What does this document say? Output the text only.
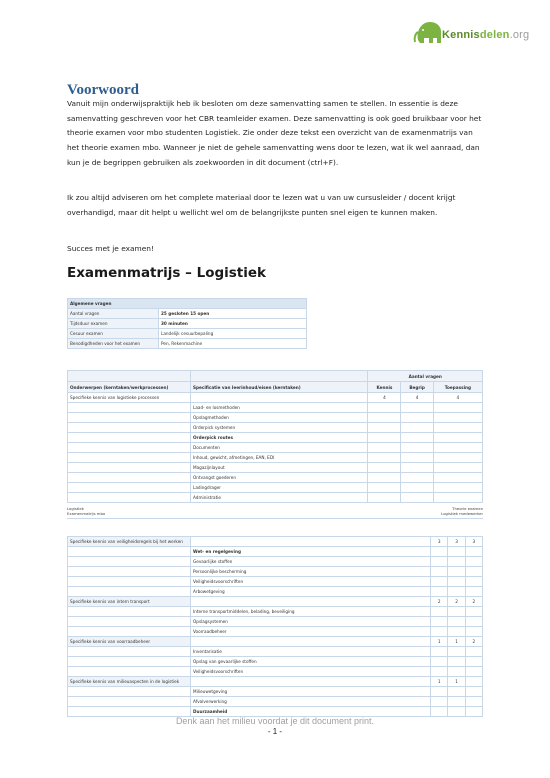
Kennisdelen.org
Voorwoord
Vanuit mijn onderwijspraktijk heb ik besloten om deze samenvatting samen te stellen. In essentie is deze samenvatting geschreven voor het CBR teamleider examen. Deze samenvatting is ook goed bruikbaar voor het theorie examen voor mbo studenten Logistiek. Zie onder deze tekst een overzicht van de examenmatrijs van het theorie examen mbo. Wanneer je niet de gehele samenvatting wens door te lezen, wat ik wel aanraad, dan kun je de begrippen gebruiken als zoekwoorden in dit document (ctrl+F).
Ik zou altijd adviseren om het complete materiaal door te lezen wat u van uw cursusleider / docent krijgt overhandigd, maar dit helpt u wellicht wel om de belangrijkste punten snel eigen te kunnen maken.
Succes met je examen!
Examenmatrijs – Logistiek
Algemene vragen	
Aantal vragen	25 gesloten 15 open
Tijdsduur examen	30 minuten
Cesuur examen	Landelijk cesuurbepaling
Benodigdheden voor het examen	Pen, Rekenmachine
		Aantal vragen		
Onderwerpen (kerntaken/werkprocessen)	Specificatie van leerinhoud/eisen (kerntaken)	Kennis	Begrip	Toepassing
Specifieke kennis van logistieke processen		4	4	4
	Laad- en losmethoden			
	Opslagmethoden			
	Orderpick systemen			
	Orderpick routes			
	Documenten			
	Inhoud, gewicht, afmetingen, EAN, EDI			
	Magazijnlayout			
	Ontvangst goederen			
	Ladingdrager			
	Administratie			
Logistiek
Examenmatrijs mbo
Theorie examen
Logistiek medewerker
Specifieke kennis van veiligheidsregels bij het werken		3	3	3
	Wet- en regelgeving			
	Gevaarlijke stoffen			
	Persoonlijke bescherming			
	Veiligheidsvoorschriften			
	Arbowetgeving			
Specifieke kennis van intern transport		2	2	2
	Interne transportmiddelen, belading, beveiliging			
	Opslagsystemen			
	Voorraadbeheer			
Specifieke kennis van voorraadbeheer		1	1	2
	Inventarisatie			
	Opslag van gevaarlijke stoffen			
	Veiligheidsvoorschriften			
Specifieke kennis van milieuaspecten in de logistiek		1	1	
	Milieuwetgeving			
	Afvalverwerking			
	Duurzaamheid			
Denk aan het milieu voordat je dit document print.
- 1 -
